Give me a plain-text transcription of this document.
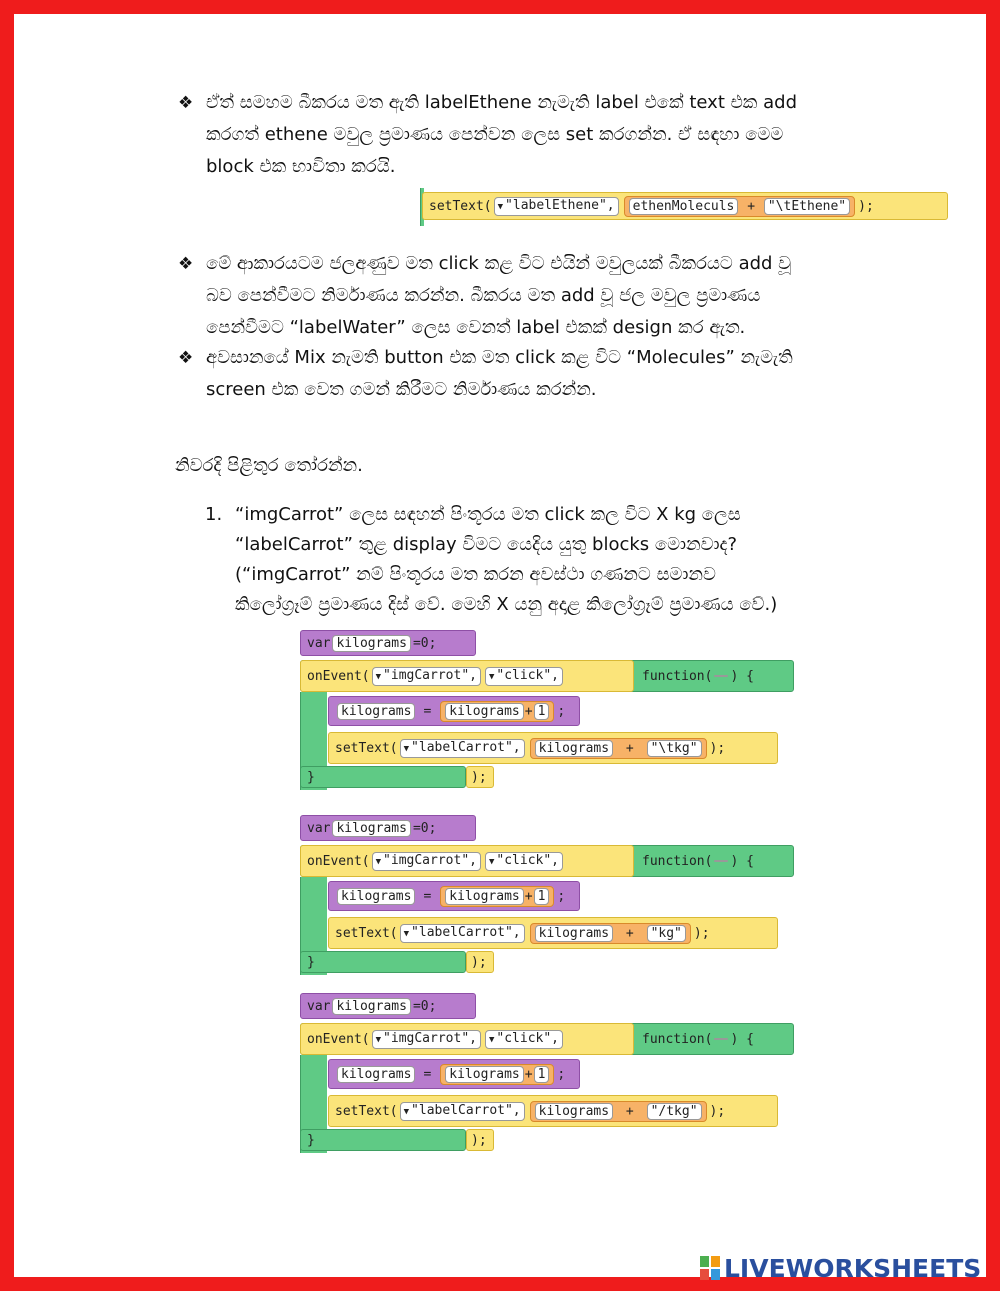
❖ ඒත් සමහම බීකරය මත ඇති labelEthene නැමැති label එකේ text එක add
කරගත් ethene මවුල ප්‍රමාණය පෙන්වන ලෙස set කරගන්න. ඒ සඳහා මෙම
block එක භාවිතා කරයි.
setText( ▼ "labelEthene",	ethenMoleculs + "\tEthene" );
❖ මේ ආකාරයටම ජලඅණුව මත click කළ විට එයින් මවුලයක් බීකරයට add වූ
බව පෙන්වීමට නිර්මාණය කරන්න. බීකරය මත add වූ ජල මවුල ප්‍රමාණය
පෙන්වීමට “labelWater” ලෙස වෙනත් label එකක් design කර ඇත.
❖ අවසානයේ Mix නැමති button එක මත click කළ විට “Molecules” නැමැති
screen එක වෙත ගමන් කිරීමට නිර්මාණය කරන්න.
නිවරදි පිළිතුර තෝරන්න.
1. “imgCarrot” ලෙස සඳහන් පිංතූරය මත click කල විට X kg ලෙස
“labelCarrot” තුළ display විමට යෙදිය යුතු blocks මොනවාද?
(“imgCarrot” නම් පිංතූරය මත කරන අවස්ථා ගණනට සමානව
කිලෝග්‍රෑම් ප්‍රමාණය දිස් වේ. මෙහි X යනු අදාළ කිලෝග්‍රෑම් ප්‍රමාණය වේ.)
var kilograms =0;
onEvent( ▼ "imgCarrot",	▼ "click",	function( ) {
kilograms =	kilograms + 1 ;
setText( ▼ "labelCarrot",	kilograms + "\tkg" );
}	);
var kilograms =0;
onEvent( ▼ "imgCarrot",	▼ "click",	function( ) {
kilograms =	kilograms + 1 ;
setText( ▼ "labelCarrot",	kilograms + "kg" );
}	);
var kilograms =0;
onEvent( ▼ "imgCarrot",	▼ "click",	function( ) {
kilograms =	kilograms + 1 ;
setText( ▼ "labelCarrot",	kilograms + "/tkg" );
}	);
LIVEWORKSHEETS
